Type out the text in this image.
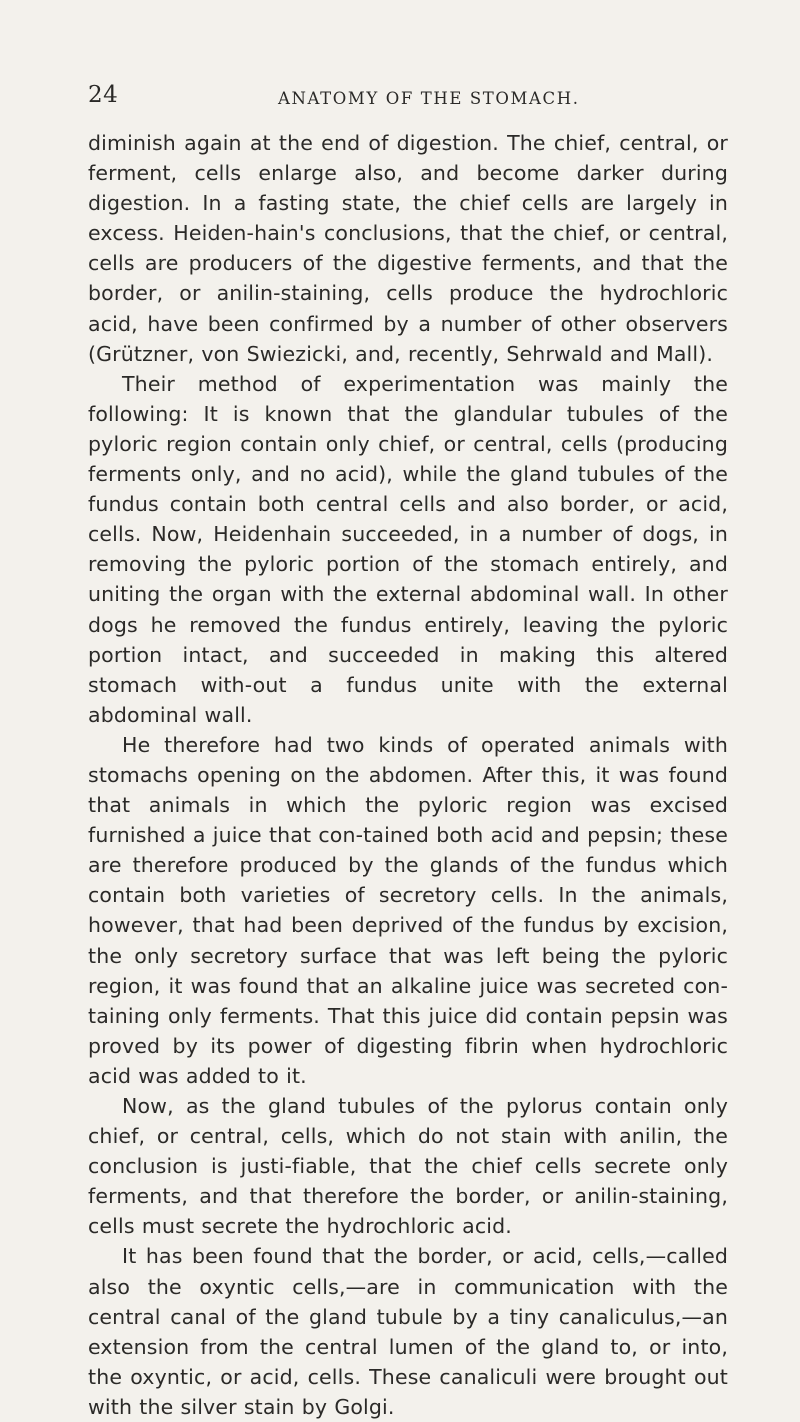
24	ANATOMY OF THE STOMACH.

diminish again at the end of digestion. The chief, central, or ferment, cells enlarge also, and become darker during digestion. In a fasting state, the chief cells are largely in excess. Heiden-hain's conclusions, that the chief, or central, cells are producers of the digestive ferments, and that the border, or anilin-staining, cells produce the hydrochloric acid, have been confirmed by a number of other observers (Grützner, von Swiezicki, and, recently, Sehrwald and Mall).

Their method of experimentation was mainly the following: It is known that the glandular tubules of the pyloric region contain only chief, or central, cells (producing ferments only, and no acid), while the gland tubules of the fundus contain both central cells and also border, or acid, cells. Now, Heidenhain succeeded, in a number of dogs, in removing the pyloric portion of the stomach entirely, and uniting the organ with the external abdominal wall. In other dogs he removed the fundus entirely, leaving the pyloric portion intact, and succeeded in making this altered stomach with-out a fundus unite with the external abdominal wall.

He therefore had two kinds of operated animals with stomachs opening on the abdomen. After this, it was found that animals in which the pyloric region was excised furnished a juice that con-tained both acid and pepsin; these are therefore produced by the glands of the fundus which contain both varieties of secretory cells. In the animals, however, that had been deprived of the fundus by excision, the only secretory surface that was left being the pyloric region, it was found that an alkaline juice was secreted con-taining only ferments. That this juice did contain pepsin was proved by its power of digesting fibrin when hydrochloric acid was added to it.

Now, as the gland tubules of the pylorus contain only chief, or central, cells, which do not stain with anilin, the conclusion is justi-fiable, that the chief cells secrete only ferments, and that therefore the border, or anilin-staining, cells must secrete the hydrochloric acid.

It has been found that the border, or acid, cells,—called also the oxyntic cells,—are in communication with the central canal of the gland tubule by a tiny canaliculus,—an extension from the central lumen of the gland to, or into, the oxyntic, or acid, cells. These canaliculi were brought out with the silver stain by Golgi.
